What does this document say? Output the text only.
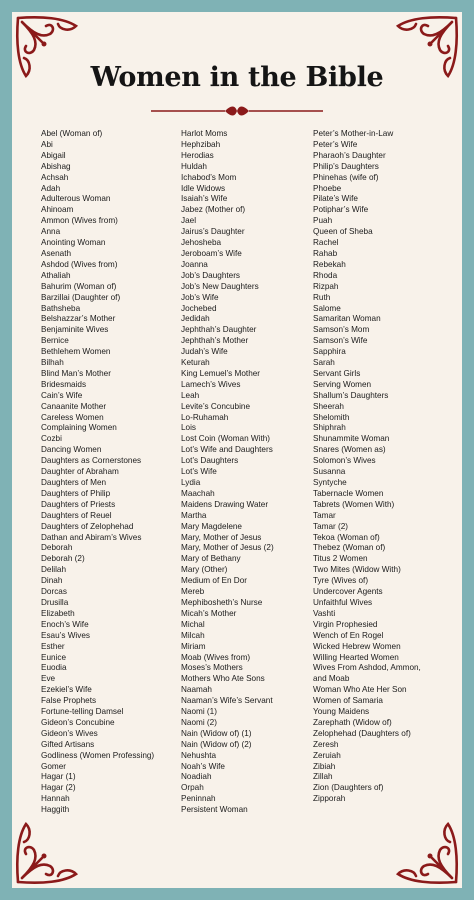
Women in the Bible
Abel (Woman of)
Abi
Abigail
Abishag
Achsah
Adah
Adulterous Woman
Ahinoam
Ammon (Wives from)
Anna
Anointing Woman
Asenath
Ashdod (Wives from)
Athaliah
Bahurim (Woman of)
Barzillai (Daughter of)
Bathsheba
Belshazzar’s Mother
Benjaminite Wives
Bernice
Bethlehem Women
Bilhah
Blind Man’s Mother
Bridesmaids
Cain’s Wife
Canaanite Mother
Careless Women
Complaining Women
Cozbi
Dancing Women
Daughters as Cornerstones
Daughter of Abraham
Daughters of Men
Daughters of Philip
Daughters of Priests
Daughters of Reuel
Daughters of Zelophehad
Dathan and Abiram’s Wives
Deborah
Deborah (2)
Delilah
Dinah
Dorcas
Drusilla
Elizabeth
Enoch’s Wife
Esau’s Wives
Esther
Eunice
Euodia
Eve
Ezekiel’s Wife
False Prophets
Fortune-telling Damsel
Gideon’s Concubine
Gideon’s Wives
Gifted Artisans
Godliness (Women Professing)
Gomer
Hagar (1)
Hagar (2)
Hannah
Haggith
Harlot Moms
Hephzibah
Herodias
Huldah
Ichabod’s Mom
Idle Widows
Isaiah’s Wife
Jabez (Mother of)
Jael
Jairus’s Daughter
Jehosheba
Jeroboam’s Wife
Joanna
Job’s Daughters
Job’s New Daughters
Job’s Wife
Jochebed
Jedidah
Jephthah’s Daughter
Jephthah’s Mother
Judah’s Wife
Keturah
King Lemuel’s Mother
Lamech’s Wives
Leah
Levite’s Concubine
Lo-Ruhamah
Lois
Lost Coin (Woman With)
Lot’s Wife and Daughters
Lot’s Daughters
Lot’s Wife
Lydia
Maachah
Maidens Drawing Water
Martha
Mary Magdelene
Mary, Mother of Jesus
Mary, Mother of Jesus (2)
Mary of Bethany
Mary (Other)
Medium of En Dor
Mereb
Mephibosheth’s Nurse
Micah’s Mother
Michal
Milcah
Miriam
Moab (Wives from)
Moses’s Mothers
Mothers Who Ate Sons
Naamah
Naaman’s Wife’s Servant
Naomi (1)
Naomi (2)
Nain (Widow of) (1)
Nain (Widow of) (2)
Nehushta
Noah’s Wife
Noadiah
Orpah
Peninnah
Persistent Woman
Peter’s Mother-in-Law
Peter’s Wife
Pharaoh’s Daughter
Philip’s Daughters
Phinehas (wife of)
Phoebe
Pilate’s Wife
Potiphar’s Wife
Puah
Queen of Sheba
Rachel
Rahab
Rebekah
Rhoda
Rizpah
Ruth
Salome
Samaritan Woman
Samson’s Mom
Samson’s Wife
Sapphira
Sarah
Servant Girls
Serving Women
Shallum’s Daughters
Sheerah
Shelomith
Shiphrah
Shunammite Woman
Snares (Women as)
Solomon’s Wives
Susanna
Syntyche
Tabernacle Women
Tabrets (Women With)
Tamar
Tamar (2)
Tekoa (Woman of)
Thebez (Woman of)
Titus 2 Women
Two Mites (Widow With)
Tyre (Wives of)
Undercover Agents
Unfaithful Wives
Vashti
Virgin Prophesied
Wench of En Rogel
Wicked Hebrew Women
Willing Hearted Women
Wives From Ashdod, Ammon,
and Moab
Woman Who Ate Her Son
Women of Samaria
Young Maidens
Zarephath (Widow of)
Zelophehad (Daughters of)
Zeresh
Zeruiah
Zibiah
Zillah
Zion (Daughters of)
Zipporah
